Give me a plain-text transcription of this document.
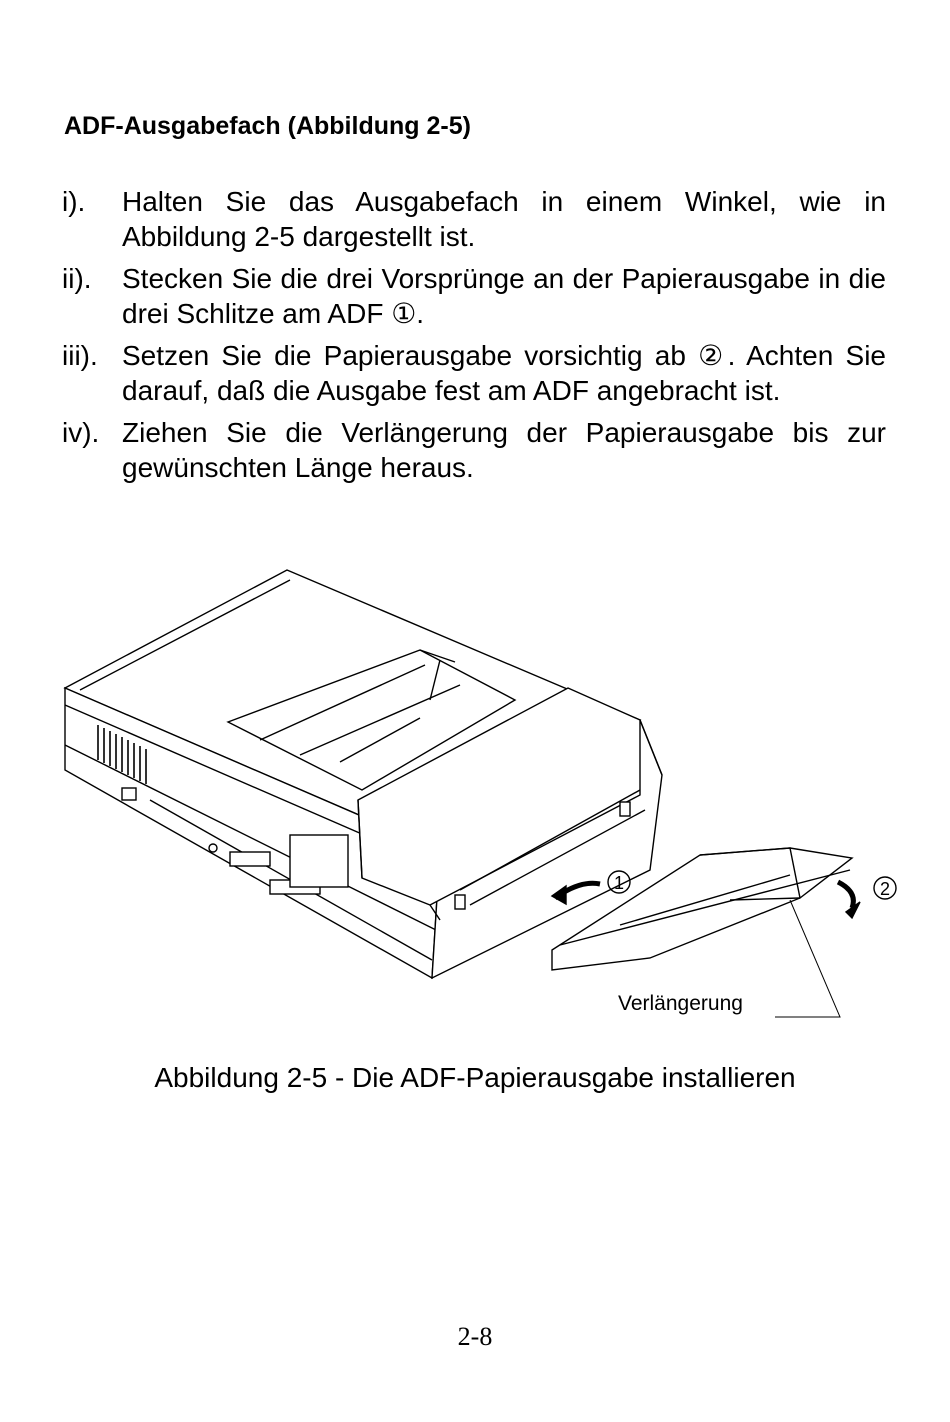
ADF-Ausgabefach (Abbildung 2-5)
i).	Halten Sie das Ausgabefach in einem Winkel, wie in Abbildung 2-5 dargestellt ist.
ii).	Stecken Sie die drei Vorsprünge an der Papierausgabe in die drei Schlitze am ADF ①.
iii). Setzen Sie die Papierausgabe vorsichtig ab ②. Achten Sie darauf, daß die Ausgabe fest am ADF angebracht ist.
iv). Ziehen Sie die Verlängerung der Papierausgabe bis zur gewünschten Länge heraus.
1	2
Verlängerung
Abbildung 2-5 - Die ADF-Papierausgabe installieren
2-8
